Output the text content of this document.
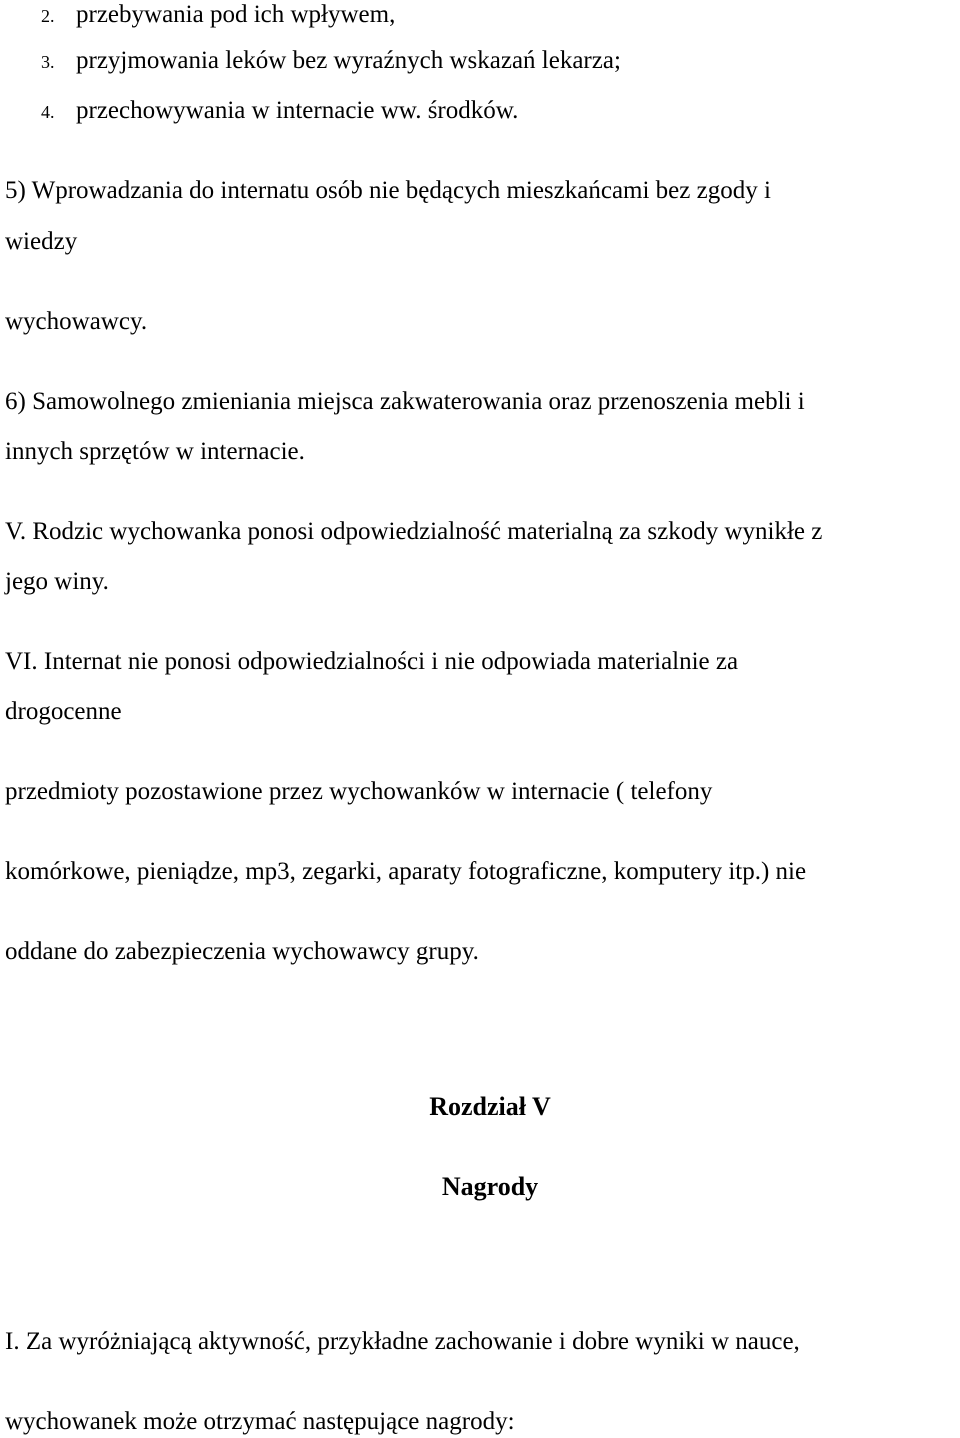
2. przebywania pod ich wpływem,
3. przyjmowania leków bez wyraźnych wskazań lekarza;
4. przechowywania w internacie ww. środków.
5) Wprowadzania do internatu osób nie będących mieszkańcami bez zgody i
wiedzy
wychowawcy.
6) Samowolnego zmieniania miejsca zakwaterowania oraz przenoszenia mebli i
innych sprzętów w internacie.
V. Rodzic wychowanka ponosi odpowiedzialność materialną za szkody wynikłe z
jego winy.
VI. Internat nie ponosi odpowiedzialności i nie odpowiada materialnie za
drogocenne
przedmioty pozostawione przez wychowanków w internacie ( telefony
komórkowe, pieniądze, mp3, zegarki, aparaty fotograficzne, komputery itp.) nie
oddane do zabezpieczenia wychowawcy grupy.
Rozdział V
Nagrody
I. Za wyróżniającą aktywność, przykładne zachowanie i dobre wyniki w nauce,
wychowanek może otrzymać następujące nagrody:
